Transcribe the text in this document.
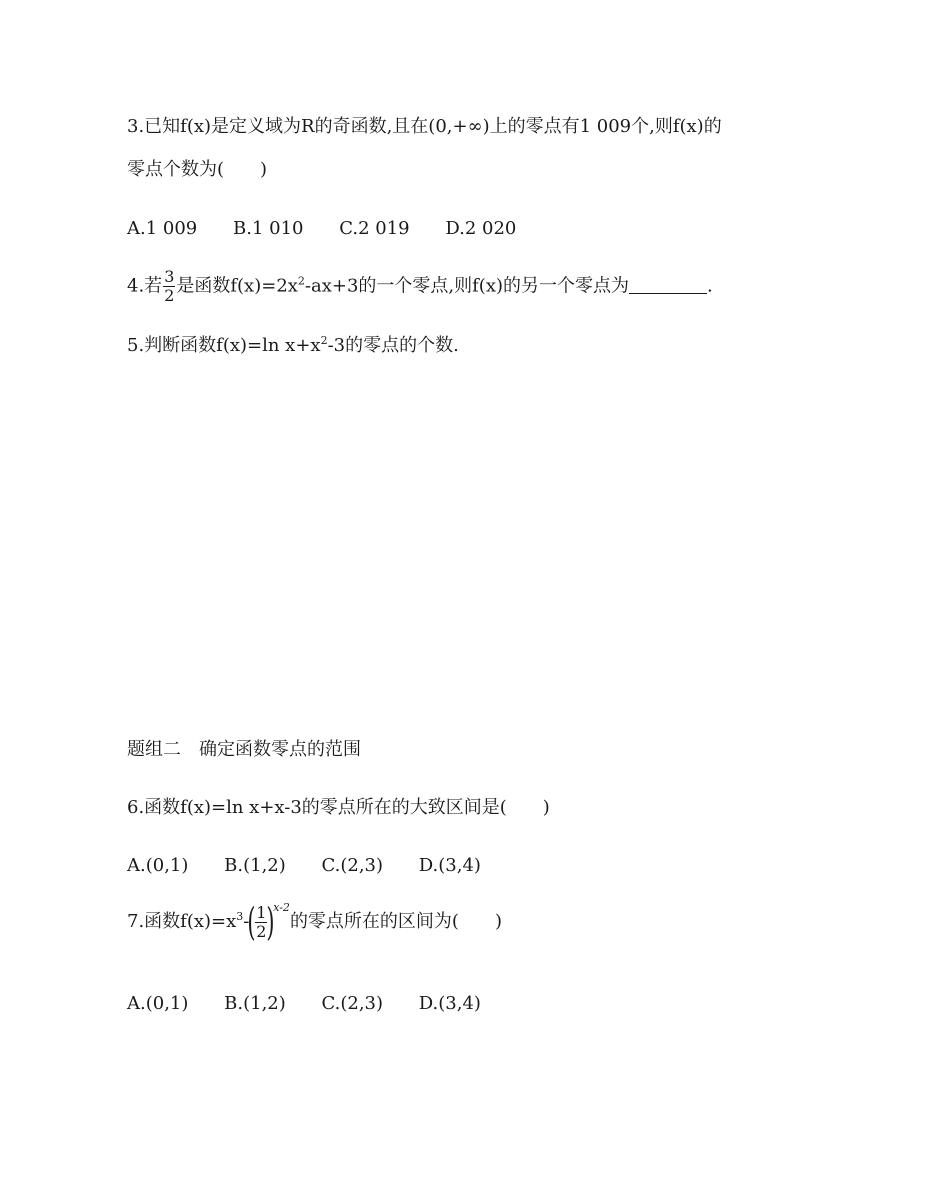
3.已知f(x)是定义域为R的奇函数,且在(0,+∞)上的零点有1 009个,则f(x)的
零点个数为(　　)
A.1 009 B.1 010 C.2 019 D.2 020
4.若 $\frac{3}{2}$ 是函数$f(x)=2x^2-ax+3$的一个零点,则f(x)的另一个零点为	.
5.判断函数f(x)=ln $x+x^2-3$的零点的个数.
题组二　确定函数零点的范围
6.函数f(x)=ln x+x-3的零点所在的大致区间是(　　)
A.(0,1) B.(1,2) C.(2,3) D.(3,4)
7.函数$f(x)=x^3-( \frac{1}{2} )^{x-2}$的零点所在的区间为(　　)
A.(0,1) B.(1,2) C.(2,3) D.(3,4)
